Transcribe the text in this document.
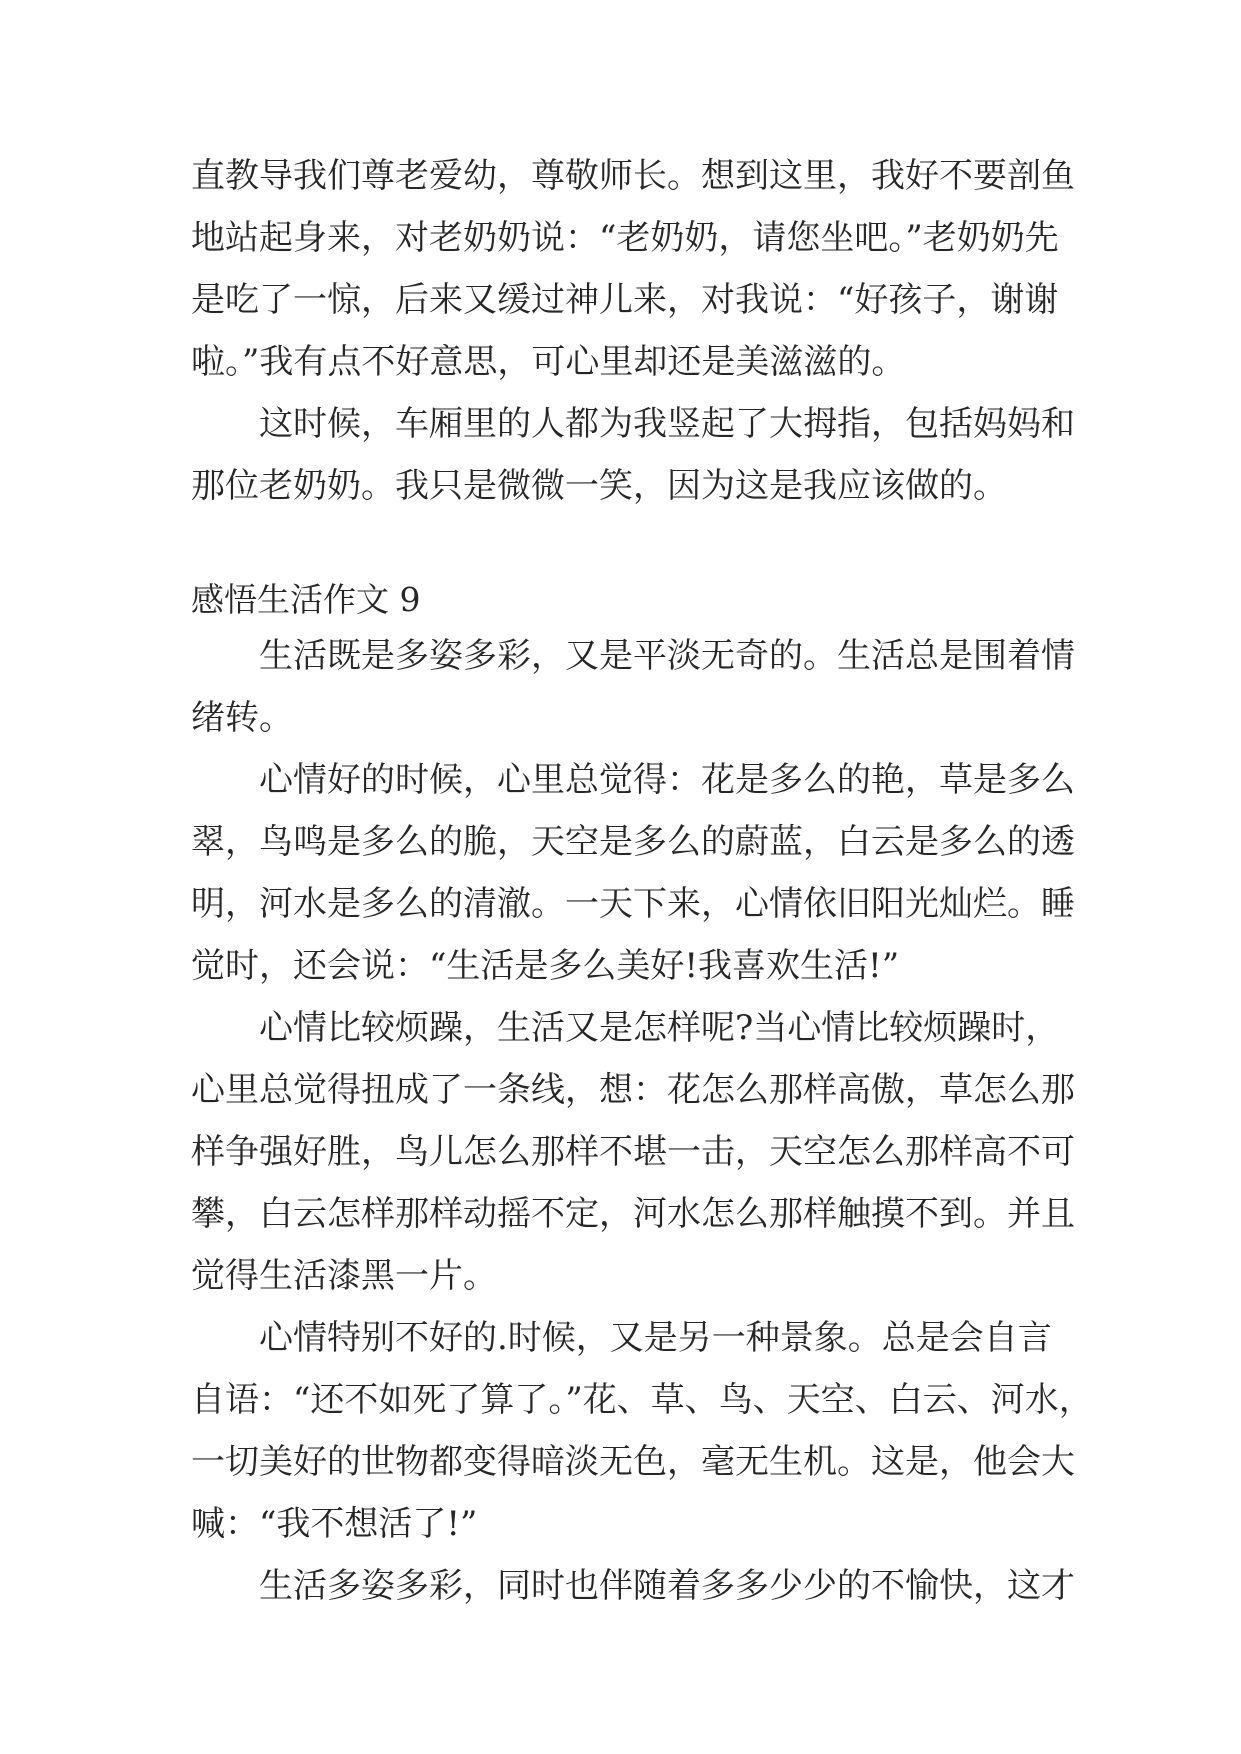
直教导我们尊老爱幼，尊敬师长。想到这里，我好不要剖鱼
地站起身来，对老奶奶说：“老奶奶，请您坐吧。”老奶奶先
是吃了一惊，后来又缓过神儿来，对我说：“好孩子，谢谢
啦。”我有点不好意思，可心里却还是美滋滋的。
这时候，车厢里的人都为我竖起了大拇指，包括妈妈和
那位老奶奶。我只是微微一笑，因为这是我应该做的。
感悟生活作文 9
生活既是多姿多彩，又是平淡无奇的。生活总是围着情
绪转。
心情好的时候，心里总觉得：花是多么的艳，草是多么
翠，鸟鸣是多么的脆，天空是多么的蔚蓝，白云是多么的透
明，河水是多么的清澈。一天下来，心情依旧阳光灿烂。睡
觉时，还会说：“生活是多么美好!我喜欢生活!”
心情比较烦躁，生活又是怎样呢?当心情比较烦躁时，
心里总觉得扭成了一条线，想：花怎么那样高傲，草怎么那
样争强好胜，鸟儿怎么那样不堪一击，天空怎么那样高不可
攀，白云怎样那样动摇不定，河水怎么那样触摸不到。并且
觉得生活漆黑一片。
心情特别不好的.时候，又是另一种景象。总是会自言
自语：“还不如死了算了。”花、草、鸟、天空、白云、河水，
一切美好的世物都变得暗淡无色，毫无生机。这是，他会大
喊：“我不想活了!”
生活多姿多彩，同时也伴随着多多少少的不愉快，这才
